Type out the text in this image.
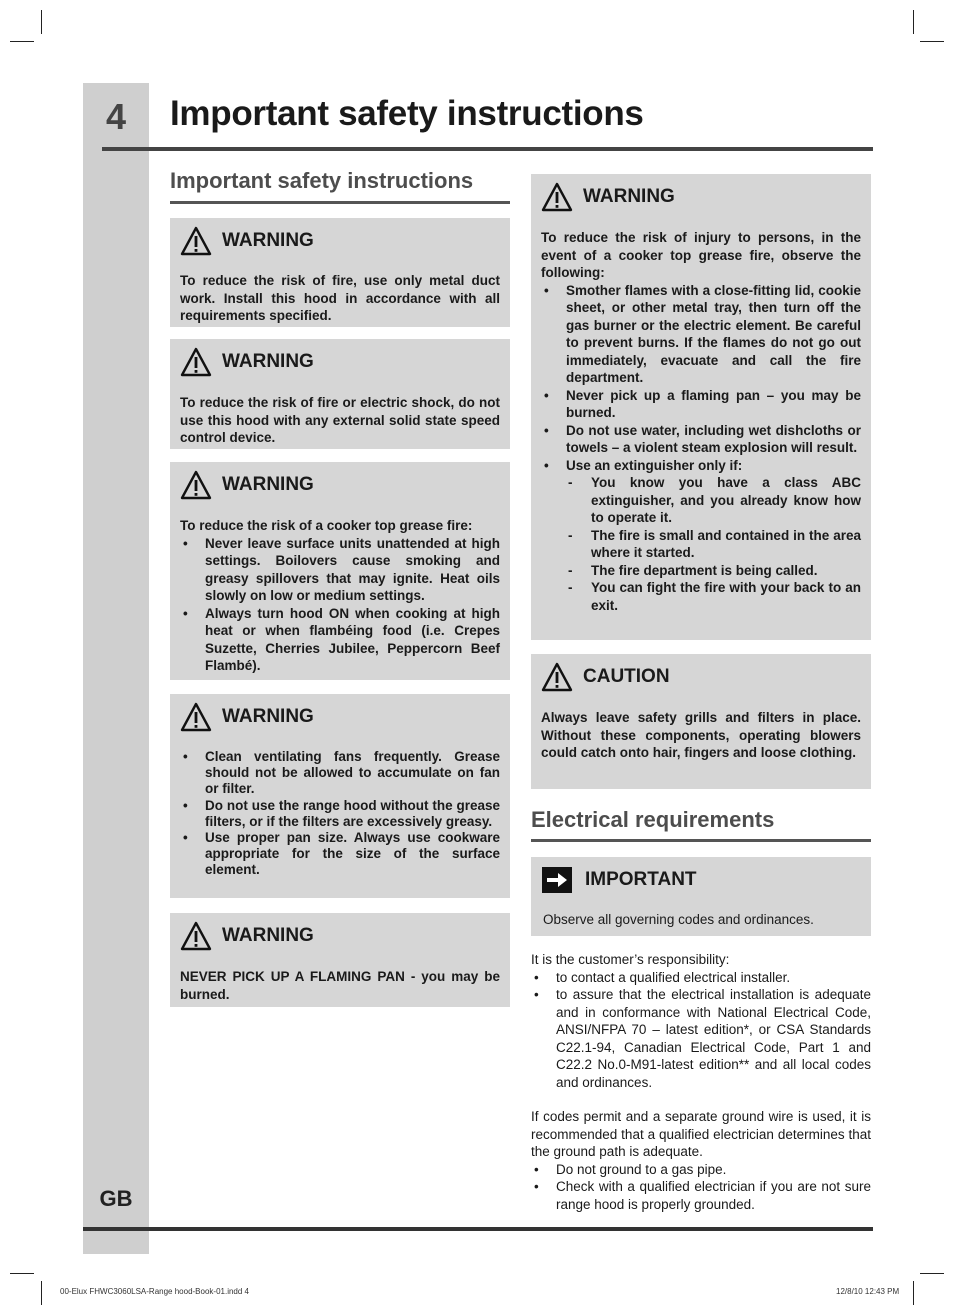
4
GB
Important safety instructions
Important safety instructions
WARNING
To reduce the risk of fire, use only metal duct work. Install this hood in accordance with all requirements specified.
WARNING
To reduce the risk of fire or electric shock, do not use this hood with any external solid state speed control device.
WARNING
To reduce the risk of a cooker top grease fire:
• Never leave surface units unattended at high settings. Boilovers cause smoking and greasy spillovers that may ignite. Heat oils slowly on low or medium settings.
• Always turn hood ON when cooking at high heat or when flambéing food (i.e. Crepes Suzette, Cherries Jubilee, Peppercorn Beef Flambé).
WARNING
• Clean ventilating fans frequently. Grease should not be allowed to accumulate on fan or filter.
• Do not use the range hood without the grease filters, or if the filters are excessively greasy.
• Use proper pan size. Always use cookware appropriate for the size of the surface element.
WARNING
NEVER PICK UP A FLAMING PAN - you may be burned.
WARNING
To reduce the risk of injury to persons, in the event of a cooker top grease fire, observe the following:
• Smother flames with a close-fitting lid, cookie sheet, or other metal tray, then turn off the gas burner or the electric element. Be careful to prevent burns. If the flames do not go out immediately, evacuate and call the fire department.
• Never pick up a flaming pan – you may be burned.
• Do not use water, including wet dishcloths or towels – a violent steam explosion will result.
• Use an extinguisher only if:
- You know you have a class ABC extinguisher, and you already know how to operate it.
- The fire is small and contained in the area where it started.
- The fire department is being called.
- You can fight the fire with your back to an exit.
CAUTION
Always leave safety grills and filters in place. Without these components, operating blowers could catch onto hair, fingers and loose clothing.
Electrical requirements
IMPORTANT
Observe all governing codes and ordinances.
It is the customer’s responsibility:
• to contact a qualified electrical installer.
• to assure that the electrical installation is adequate and in conformance with National Electrical Code, ANSI/NFPA 70 – latest edition*, or CSA Standards C22.1-94, Canadian Electrical Code, Part 1 and C22.2 No.0-M91-latest edition** and all local codes and ordinances.
If codes permit and a separate ground wire is used, it is recommended that a qualified electrician determines that the ground path is adequate.
• Do not ground to a gas pipe.
• Check with a qualified electrician if you are not sure range hood is properly grounded.
00-Elux FHWC3060LSA-Range hood-Book-01.indd 4	12/8/10 12:43 PM
